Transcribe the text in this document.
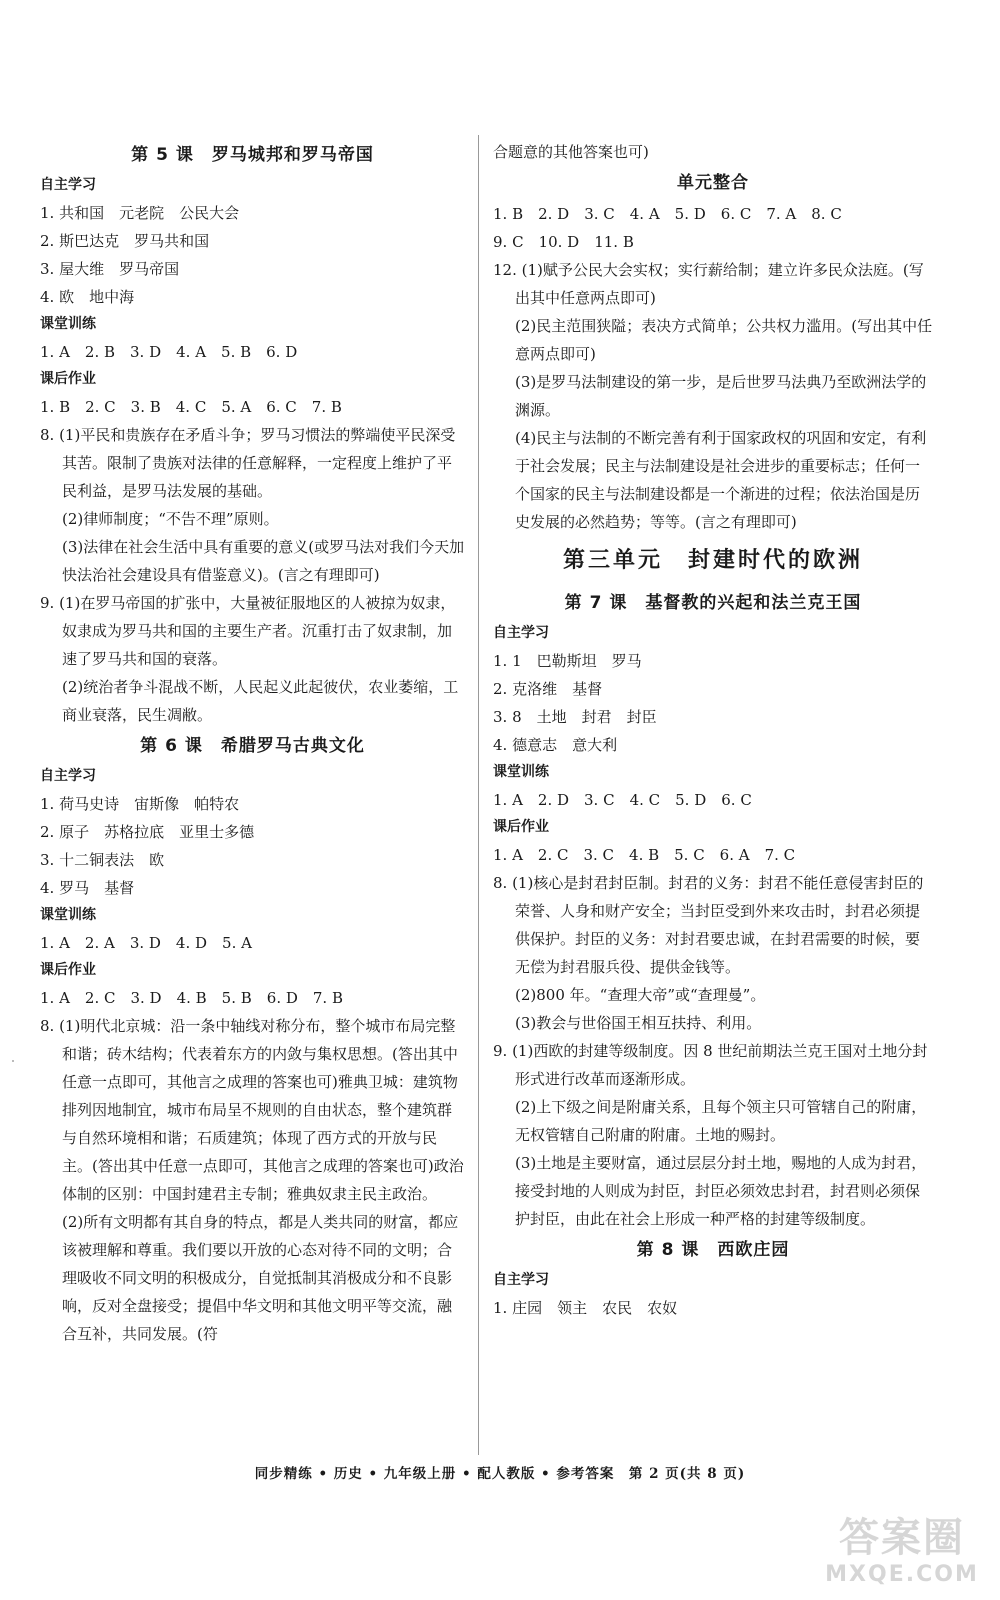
第 5 课　罗马城邦和罗马帝国
自主学习
1. 共和国　元老院　公民大会
2. 斯巴达克　罗马共和国
3. 屋大维　罗马帝国
4. 欧　地中海
课堂训练
1. A　2. B　3. D　4. A　5. B　6. D
课后作业
1. B　2. C　3. B　4. C　5. A　6. C　7. B
8. (1)平民和贵族存在矛盾斗争；罗马习惯法的弊端使平民深受其苦。限制了贵族对法律的任意解释，一定程度上维护了平民利益，是罗马法发展的基础。
(2)律师制度；“不告不理”原则。
(3)法律在社会生活中具有重要的意义(或罗马法对我们今天加快法治社会建设具有借鉴意义)。(言之有理即可)
9. (1)在罗马帝国的扩张中，大量被征服地区的人被掠为奴隶，奴隶成为罗马共和国的主要生产者。沉重打击了奴隶制，加速了罗马共和国的衰落。
(2)统治者争斗混战不断，人民起义此起彼伏，农业萎缩，工商业衰落，民生凋敝。
第 6 课　希腊罗马古典文化
自主学习
1. 荷马史诗　宙斯像　帕特农
2. 原子　苏格拉底　亚里士多德
3. 十二铜表法　欧
4. 罗马　基督
课堂训练
1. A　2. A　3. D　4. D　5. A
课后作业
1. A　2. C　3. D　4. B　5. B　6. D　7. B
8. (1)明代北京城：沿一条中轴线对称分布，整个城市布局完整和谐；砖木结构；代表着东方的内敛与集权思想。(答出其中任意一点即可，其他言之成理的答案也可)雅典卫城：建筑物排列因地制宜，城市布局呈不规则的自由状态，整个建筑群与自然环境相和谐；石质建筑；体现了西方式的开放与民主。(答出其中任意一点即可，其他言之成理的答案也可)政治体制的区别：中国封建君主专制；雅典奴隶主民主政治。
(2)所有文明都有其自身的特点，都是人类共同的财富，都应该被理解和尊重。我们要以开放的心态对待不同的文明；合理吸收不同文明的积极成分，自觉抵制其消极成分和不良影响，反对全盘接受；提倡中华文明和其他文明平等交流，融合互补，共同发展。(符
合题意的其他答案也可)
单元整合
1. B　2. D　3. C　4. A　5. D　6. C　7. A　8. C
9. C　10. D　11. B
12. (1)赋予公民大会实权；实行薪给制；建立许多民众法庭。(写出其中任意两点即可)
(2)民主范围狭隘；表决方式简单；公共权力滥用。(写出其中任意两点即可)
(3)是罗马法制建设的第一步，是后世罗马法典乃至欧洲法学的渊源。
(4)民主与法制的不断完善有利于国家政权的巩固和安定，有利于社会发展；民主与法制建设是社会进步的重要标志；任何一个国家的民主与法制建设都是一个渐进的过程；依法治国是历史发展的必然趋势；等等。(言之有理即可)
第三单元　封建时代的欧洲
第 7 课　基督教的兴起和法兰克王国
自主学习
1. 1　巴勒斯坦　罗马
2. 克洛维　基督
3. 8　土地　封君　封臣
4. 德意志　意大利
课堂训练
1. A　2. D　3. C　4. C　5. D　6. C
课后作业
1. A　2. C　3. C　4. B　5. C　6. A　7. C
8. (1)核心是封君封臣制。封君的义务：封君不能任意侵害封臣的荣誉、人身和财产安全；当封臣受到外来攻击时，封君必须提供保护。封臣的义务：对封君要忠诚，在封君需要的时候，要无偿为封君服兵役、提供金钱等。
(2)800 年。“查理大帝”或“查理曼”。
(3)教会与世俗国王相互扶持、利用。
9. (1)西欧的封建等级制度。因 8 世纪前期法兰克王国对土地分封形式进行改革而逐渐形成。
(2)上下级之间是附庸关系，且每个领主只可管辖自己的附庸，无权管辖自己附庸的附庸。土地的赐封。
(3)土地是主要财富，通过层层分封土地，赐地的人成为封君，接受封地的人则成为封臣，封臣必须效忠封君，封君则必须保护封臣，由此在社会上形成一种严格的封建等级制度。
第 8 课　西欧庄园
自主学习
1. 庄园　领主　农民　农奴
同步精练 • 历史 • 九年级上册 • 配人教版 • 参考答案　第 2 页(共 8 页)
答案圈
MXQE.COM
